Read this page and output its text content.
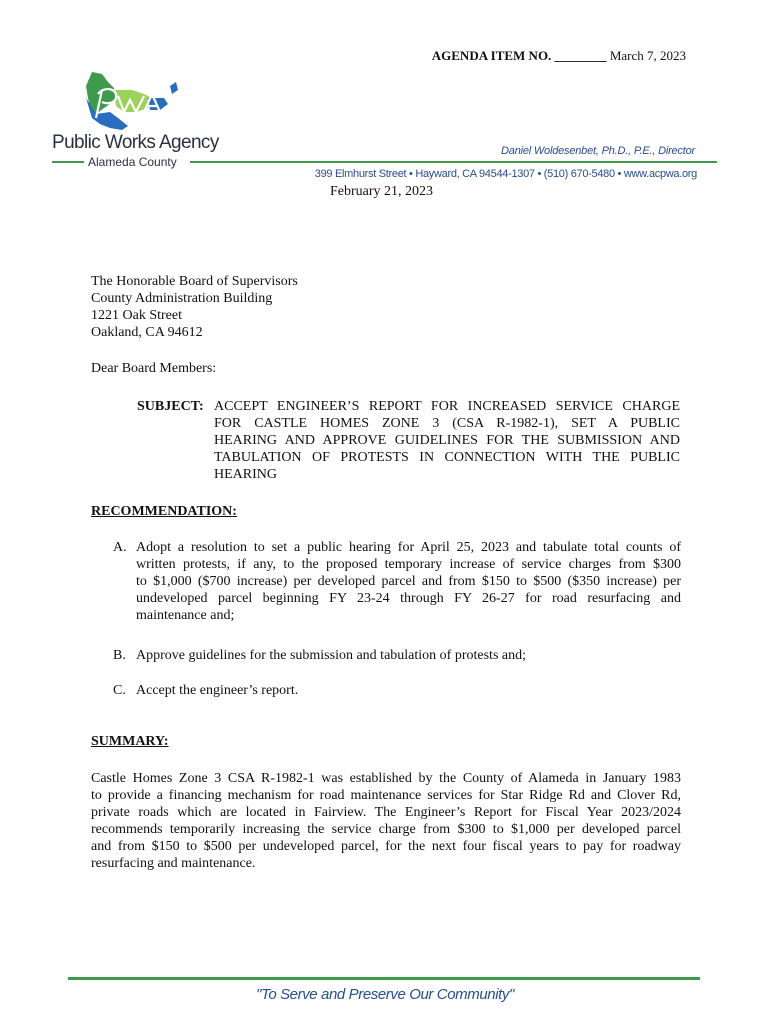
AGENDA ITEM NO. ________ March 7, 2023
Public Works Agency
Alameda County
Daniel Woldesenbet, Ph.D., P.E., Director
399 Elmhurst Street • Hayward, CA 94544-1307 • (510) 670-5480 • www.acpwa.org
February 21, 2023
The Honorable Board of Supervisors
County Administration Building
1221 Oak Street
Oakland, CA 94612
Dear Board Members:
SUBJECT: ACCEPT ENGINEER’S REPORT FOR INCREASED SERVICE CHARGE
FOR CASTLE HOMES ZONE 3 (CSA R-1982-1), SET A PUBLIC
HEARING AND APPROVE GUIDELINES FOR THE SUBMISSION AND
TABULATION OF PROTESTS IN CONNECTION WITH THE PUBLIC
HEARING
RECOMMENDATION:
A. Adopt a resolution to set a public hearing for April 25, 2023 and tabulate total counts of
written protests, if any, to the proposed temporary increase of service charges from $300
to $1,000 ($700 increase) per developed parcel and from $150 to $500 ($350 increase) per
undeveloped parcel beginning FY 23-24 through FY 26-27 for road resurfacing and
maintenance and;
B. Approve guidelines for the submission and tabulation of protests and;
C. Accept the engineer’s report.
SUMMARY:
Castle Homes Zone 3 CSA R-1982-1 was established by the County of Alameda in January 1983
to provide a financing mechanism for road maintenance services for Star Ridge Rd and Clover Rd,
private roads which are located in Fairview. The Engineer’s Report for Fiscal Year 2023/2024
recommends temporarily increasing the service charge from $300 to $1,000 per developed parcel
and from $150 to $500 per undeveloped parcel, for the next four fiscal years to pay for roadway
resurfacing and maintenance.
"To Serve and Preserve Our Community"
